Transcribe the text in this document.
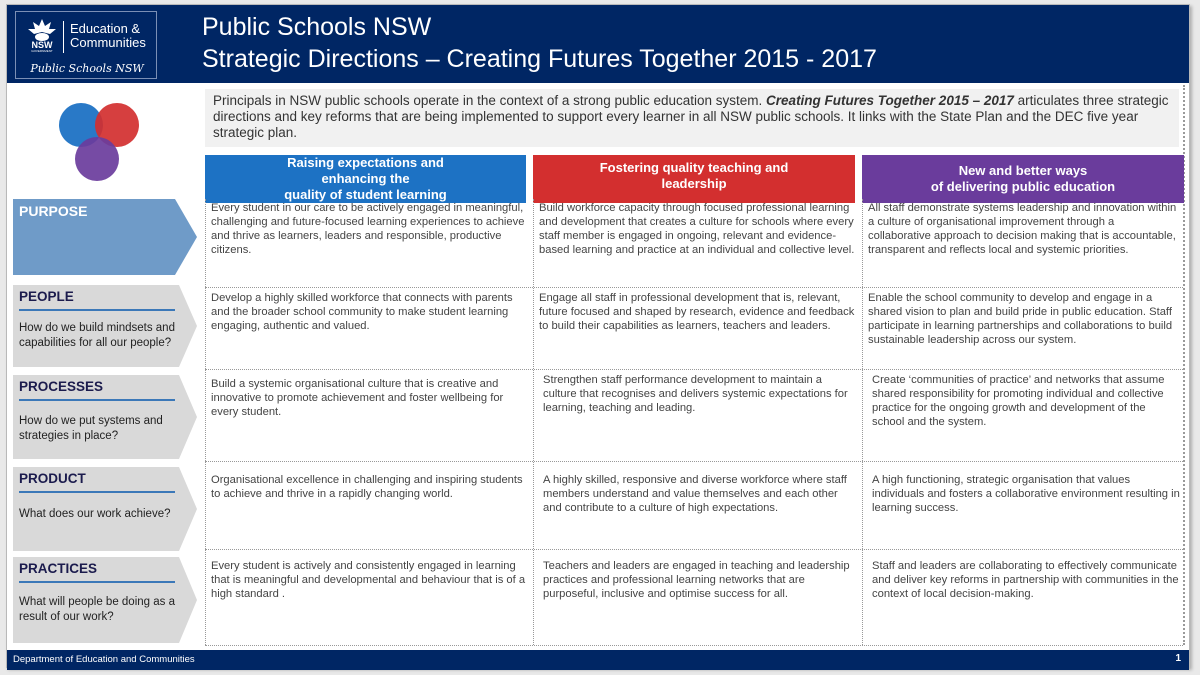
NSW
GOVERNMENT
Education &
Communities
Public Schools NSW
Public Schools NSW
Strategic Directions – Creating Futures Together 2015 - 2017

Principals in NSW public schools operate in the context of a strong public education system. Creating Futures Together 2015 – 2017 articulates three strategic directions and key reforms that are being implemented to support every learner in all NSW public schools. It links with the State Plan and the DEC five year strategic plan.

Raising expectations and enhancing the
quality of student learning
Fostering quality teaching and leadership
New and better ways
of delivering public education
PURPOSE	Every student in our care to be actively engaged in meaningful, challenging and future-focused learning experiences to achieve and thrive as learners, leaders and responsible, productive citizens.
Build workforce capacity through focused professional learning and development that creates a culture for schools where every staff member is engaged in ongoing, relevant and evidence-based learning and practice at an individual and collective level.
All staff demonstrate systems leadership and innovation within a culture of organisational improvement through a collaborative approach to decision making that is accountable, transparent and reflects local and systemic priorities.
PEOPLE
How do we build mindsets and capabilities for all our people?
Develop a highly skilled workforce that connects with parents and the broader school community to make student learning engaging, authentic and valued.
Engage all staff in professional development that is, relevant, future focused and shaped by research, evidence and feedback to build their capabilities as learners, teachers and leaders.
Enable the school community to develop and engage in a shared vision to plan and build pride in public education. Staff participate in learning partnerships and collaborations to build sustainable leadership across our system.
PROCESSES
How do we put systems and strategies in place?
Build a systemic organisational culture that is creative and innovative to promote achievement and foster wellbeing for every student.
Strengthen staff performance development to maintain a culture that recognises and delivers systemic expectations for learning, teaching and leading.
Create ‘communities of practice’ and networks that assume shared responsibility for promoting individual and collective practice for the ongoing growth and development of the school and the system.
PRODUCT
What does our work achieve?
Organisational excellence in challenging and inspiring students to achieve and thrive in a rapidly changing world.
A highly skilled, responsive and diverse workforce where staff members understand and value themselves and each other and contribute to a culture of high expectations.
A high functioning, strategic organisation that values individuals and fosters a collaborative environment resulting in learning success.
PRACTICES
What will people be doing as a result of our work?
Every student is actively and consistently engaged in learning that is meaningful and developmental and behaviour that is of a high standard .
Teachers and leaders are engaged in teaching and leadership practices and professional learning networks that are purposeful, inclusive and optimise success for all.
Staff and leaders are collaborating to effectively communicate and deliver key reforms in partnership with communities in the context of local decision-making.
Department of Education and Communities	1
